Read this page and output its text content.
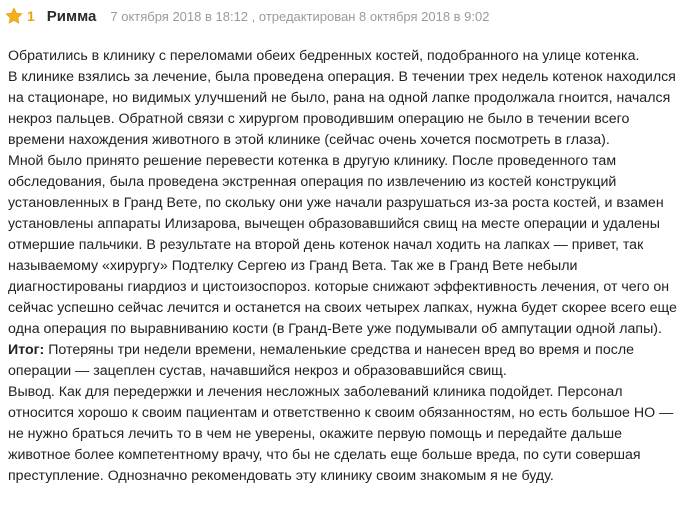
1 Римма 7 октября 2018 в 18:12 , отредактирован 8 октября 2018 в 9:02

Обратились в клинику с переломами обеих бедренных костей, подобранного на улице котенка.

В клинике взялись за лечение, была проведена операция. В течении трех недель котенок находился на стационаре, но видимых улучшений не было, рана на одной лапке продолжала гноится, начался некроз пальцев. Обратной связи с хирургом проводившим операцию не было в течении всего времени нахождения животного в этой клинике (сейчас очень хочется посмотреть в глаза).

Мной было принято решение перевести котенка в другую клинику. После проведенного там обследования, была проведена экстренная операция по извлечению из костей конструкций установленных в Гранд Вете, по скольку они уже начали разрушаться из-за роста костей, и взамен установлены аппараты Илизарова, вычещен образовавшийся свищ на месте операции и удалены отмершие пальчики. В результате на второй день котенок начал ходить на лапках — привет, так называемому «хирургу» Подтелку Сергею из Гранд Вета. Так же в Гранд Вете небыли диагностированы гиардиоз и цистоизоспороз. которые снижают эффективность лечения, от чего он сейчас успешно сейчас лечится и останется на своих четырех лапках, нужна будет скорее всего еще одна операция по выравниванию кости (в Гранд-Вете уже подумывали об ампутации одной лапы).

Итог: Потеряны три недели времени, немаленькие средства и нанесен вред во время и после операции — зацеплен сустав, начавшийся некроз и образовавшийся свищ.

Вывод. Как для передержки и лечения несложных заболеваний клиника подойдет. Персонал относится хорошо к своим пациентам и ответственно к своим обязанностям, но есть большое НО — не нужно браться лечить то в чем не уверены, окажите первую помощь и передайте дальше животное более компетентному врачу, что бы не сделать еще больше вреда, по сути совершая преступление. Однозначно рекомендовать эту клинику своим знакомым я не буду.
